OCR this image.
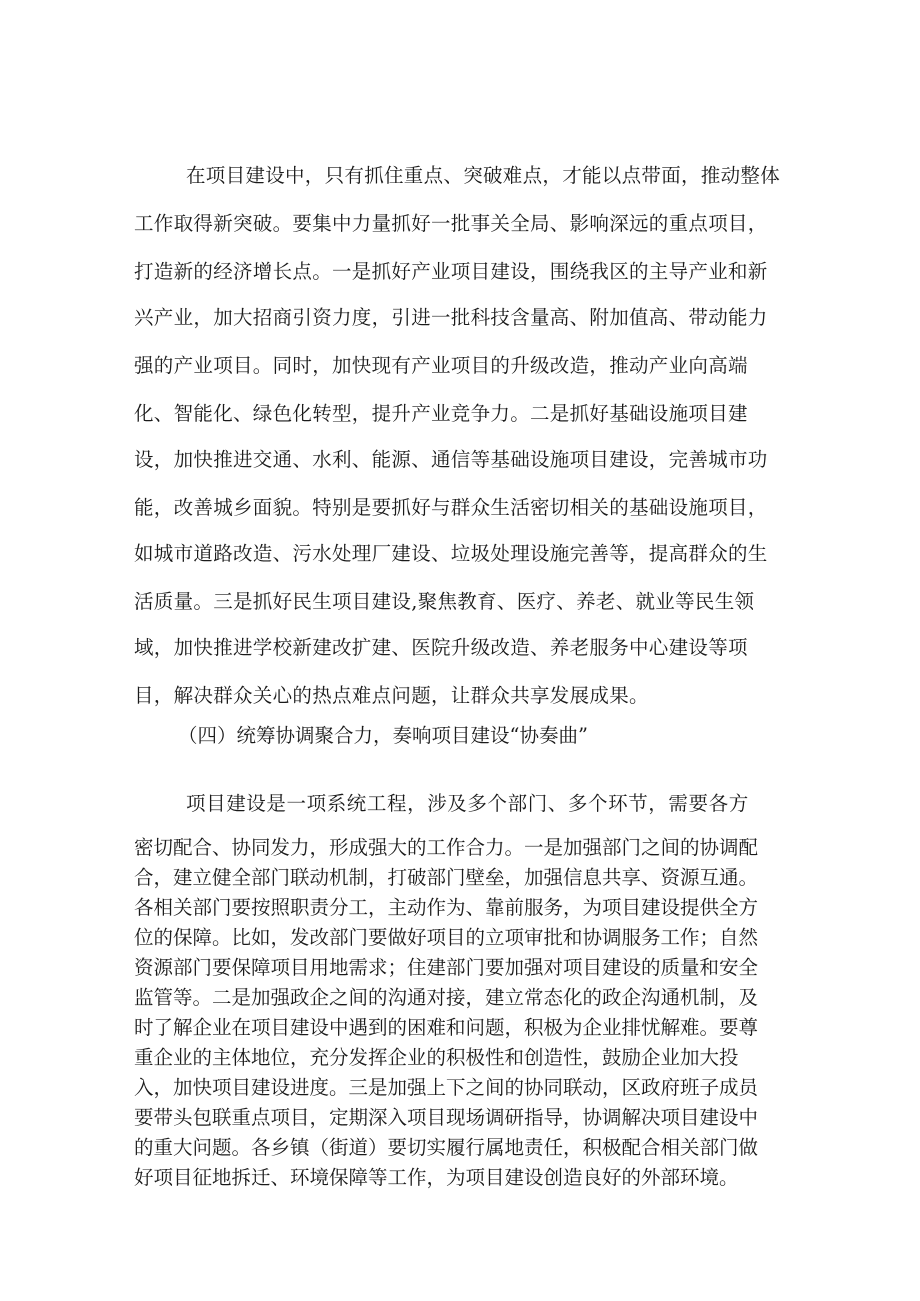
在项目建设中，只有抓住重点、突破难点，才能以点带面，推动整体

工作取得新突破。要集中力量抓好一批事关全局、影响深远的重点项目，

打造新的经济增长点。一是抓好产业项目建设，围绕我区的主导产业和新

兴产业，加大招商引资力度，引进一批科技含量高、附加值高、带动能力

强的产业项目。同时，加快现有产业项目的升级改造，推动产业向高端

化、智能化、绿色化转型，提升产业竞争力。二是抓好基础设施项目建

设，加快推进交通、水利、能源、通信等基础设施项目建设，完善城市功

能，改善城乡面貌。特别是要抓好与群众生活密切相关的基础设施项目，

如城市道路改造、污水处理厂建设、垃圾处理设施完善等，提高群众的生

活质量。三是抓好民生项目建设,聚焦教育、医疗、养老、就业等民生领

域，加快推进学校新建改扩建、医院升级改造、养老服务中心建设等项

目，解决群众关心的热点难点问题，让群众共享发展成果。

（四）统筹协调聚合力，奏响项目建设“协奏曲”

项目建设是一项系统工程，涉及多个部门、多个环节，需要各方

密切配合、协同发力，形成强大的工作合力。一是加强部门之间的协调配

合，建立健全部门联动机制，打破部门壁垒，加强信息共享、资源互通。

各相关部门要按照职责分工，主动作为、靠前服务，为项目建设提供全方

位的保障。比如，发改部门要做好项目的立项审批和协调服务工作；自然

资源部门要保障项目用地需求；住建部门要加强对项目建设的质量和安全

监管等。二是加强政企之间的沟通对接，建立常态化的政企沟通机制，及

时了解企业在项目建设中遇到的困难和问题，积极为企业排忧解难。要尊

重企业的主体地位，充分发挥企业的积极性和创造性，鼓励企业加大投

入，加快项目建设进度。三是加强上下之间的协同联动，区政府班子成员

要带头包联重点项目，定期深入项目现场调研指导，协调解决项目建设中

的重大问题。各乡镇（街道）要切实履行属地责任，积极配合相关部门做

好项目征地拆迁、环境保障等工作，为项目建设创造良好的外部环境。
